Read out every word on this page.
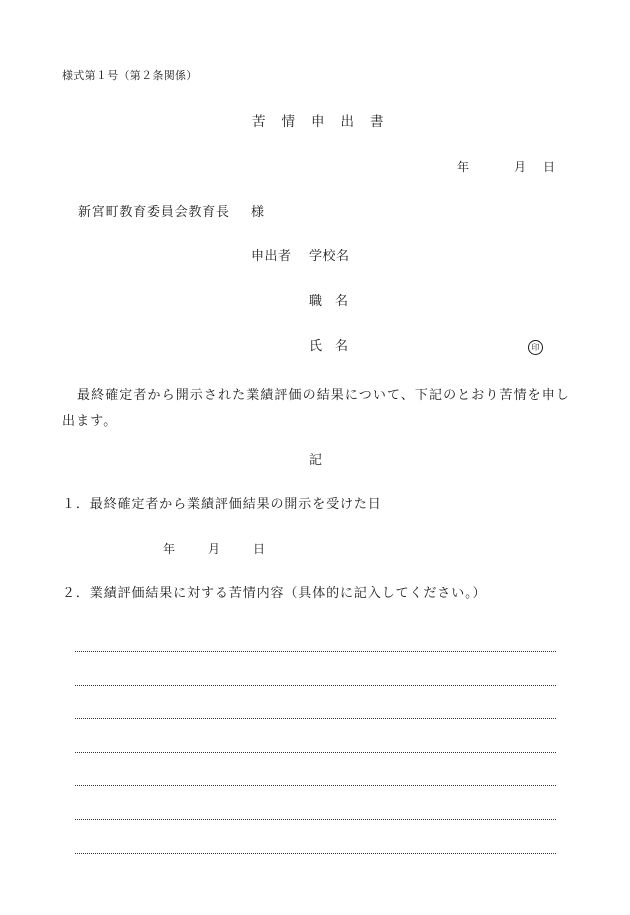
様式第１号（第２条関係）
苦 情 申 出 書
年	月 日
新宮町教育委員会教育長 様
申出者 学校名
職　名
氏　名	印
最終確定者から開示された業績評価の結果について、下記のとおり苦情を申し出ます。
記
１．最終確定者から業績評価結果の開示を受けた日
年	月	日
２．業績評価結果に対する苦情内容（具体的に記入してください。）
